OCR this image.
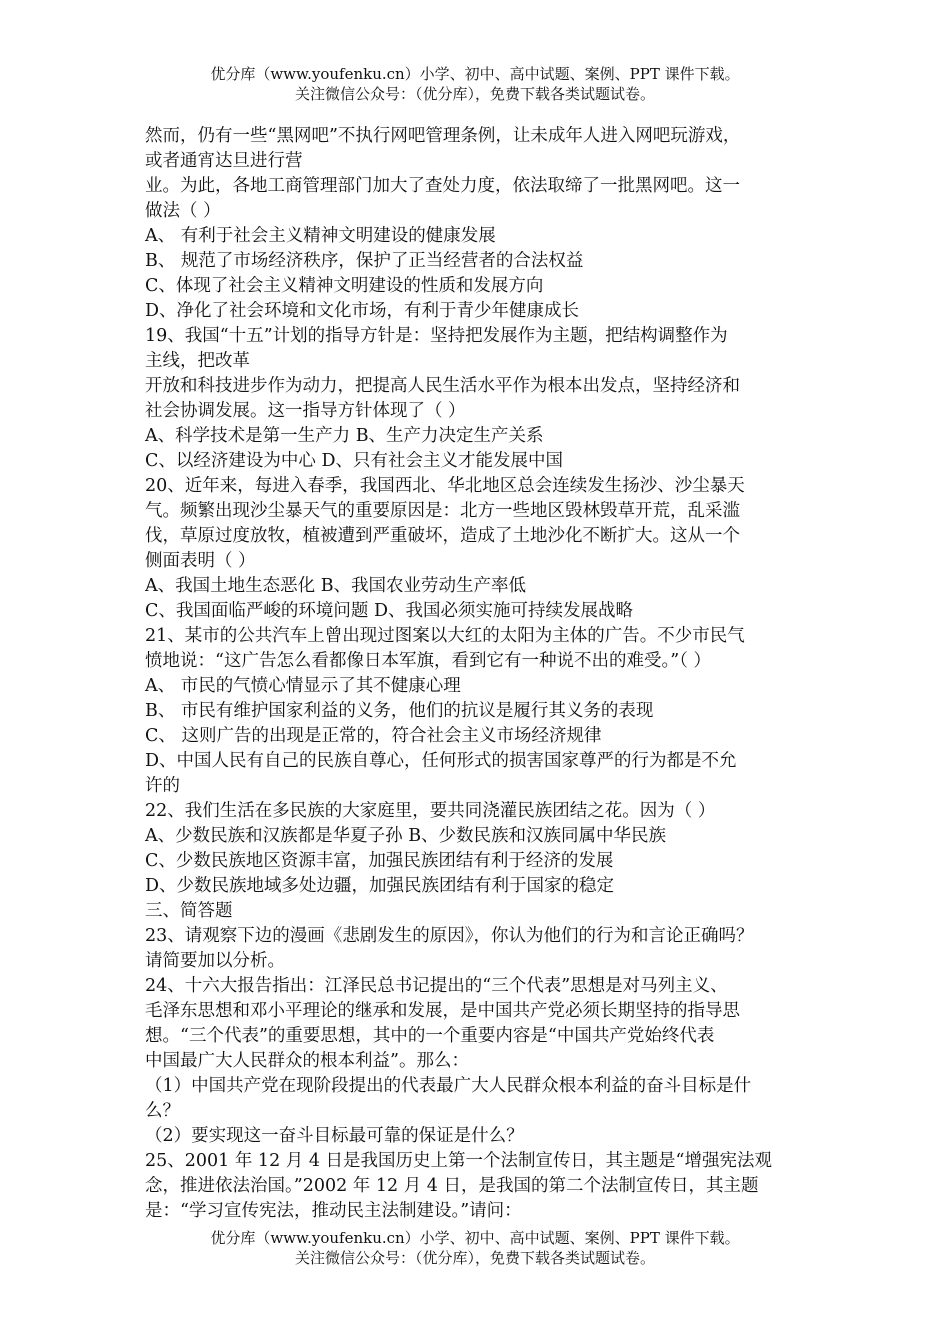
优分库（www.youfenku.cn）小学、初中、高中试题、案例、PPT 课件下载。
关注微信公众号：（优分库），免费下载各类试题试卷。

然而，仍有一些“黑网吧”不执行网吧管理条例，让未成年人进入网吧玩游戏，

或者通宵达旦进行营

业。为此，各地工商管理部门加大了查处力度，依法取缔了一批黑网吧。这一

做法（ ）

A、 有利于社会主义精神文明建设的健康发展

B、 规范了市场经济秩序，保护了正当经营者的合法权益

C、体现了社会主义精神文明建设的性质和发展方向

D、净化了社会环境和文化市场，有利于青少年健康成长

19、我国“十五”计划的指导方针是：坚持把发展作为主题，把结构调整作为

主线，把改革

开放和科技进步作为动力，把提高人民生活水平作为根本出发点，坚持经济和

社会协调发展。这一指导方针体现了（ ）

A、科学技术是第一生产力 B、生产力决定生产关系

C、以经济建设为中心 D、只有社会主义才能发展中国

20、近年来，每进入春季，我国西北、华北地区总会连续发生扬沙、沙尘暴天

气。频繁出现沙尘暴天气的重要原因是：北方一些地区毁林毁草开荒，乱采滥

伐，草原过度放牧，植被遭到严重破坏，造成了土地沙化不断扩大。这从一个

侧面表明（ ）

A、我国土地生态恶化 B、我国农业劳动生产率低

C、我国面临严峻的环境问题 D、我国必须实施可持续发展战略

21、某市的公共汽车上曾出现过图案以大红的太阳为主体的广告。不少市民气

愤地说：“这广告怎么看都像日本军旗，看到它有一种说不出的难受。”（ ）

A、 市民的气愤心情显示了其不健康心理

B、 市民有维护国家利益的义务，他们的抗议是履行其义务的表现

C、 这则广告的出现是正常的，符合社会主义市场经济规律

D、中国人民有自己的民族自尊心，任何形式的损害国家尊严的行为都是不允

许的

22、我们生活在多民族的大家庭里，要共同浇灌民族团结之花。因为（ ）

A、少数民族和汉族都是华夏子孙 B、少数民族和汉族同属中华民族

C、少数民族地区资源丰富，加强民族团结有利于经济的发展

D、少数民族地域多处边疆，加强民族团结有利于国家的稳定

三、简答题

23、请观察下边的漫画《悲剧发生的原因》，你认为他们的行为和言论正确吗？

请简要加以分析。

24、十六大报告指出：江泽民总书记提出的“三个代表”思想是对马列主义、

毛泽东思想和邓小平理论的继承和发展，是中国共产党必须长期坚持的指导思

想。“三个代表”的重要思想，其中的一个重要内容是“中国共产党始终代表

中国最广大人民群众的根本利益”。那么：

（1）中国共产党在现阶段提出的代表最广大人民群众根本利益的奋斗目标是什

么？

（2）要实现这一奋斗目标最可靠的保证是什么？

25、2001 年 12 月 4 日是我国历史上第一个法制宣传日，其主题是“增强宪法观

念，推进依法治国。”2002 年 12 月 4 日，是我国的第二个法制宣传日，其主题

是：“学习宣传宪法，推动民主法制建设。”请问：

优分库（www.youfenku.cn）小学、初中、高中试题、案例、PPT 课件下载。
关注微信公众号：（优分库），免费下载各类试题试卷。
